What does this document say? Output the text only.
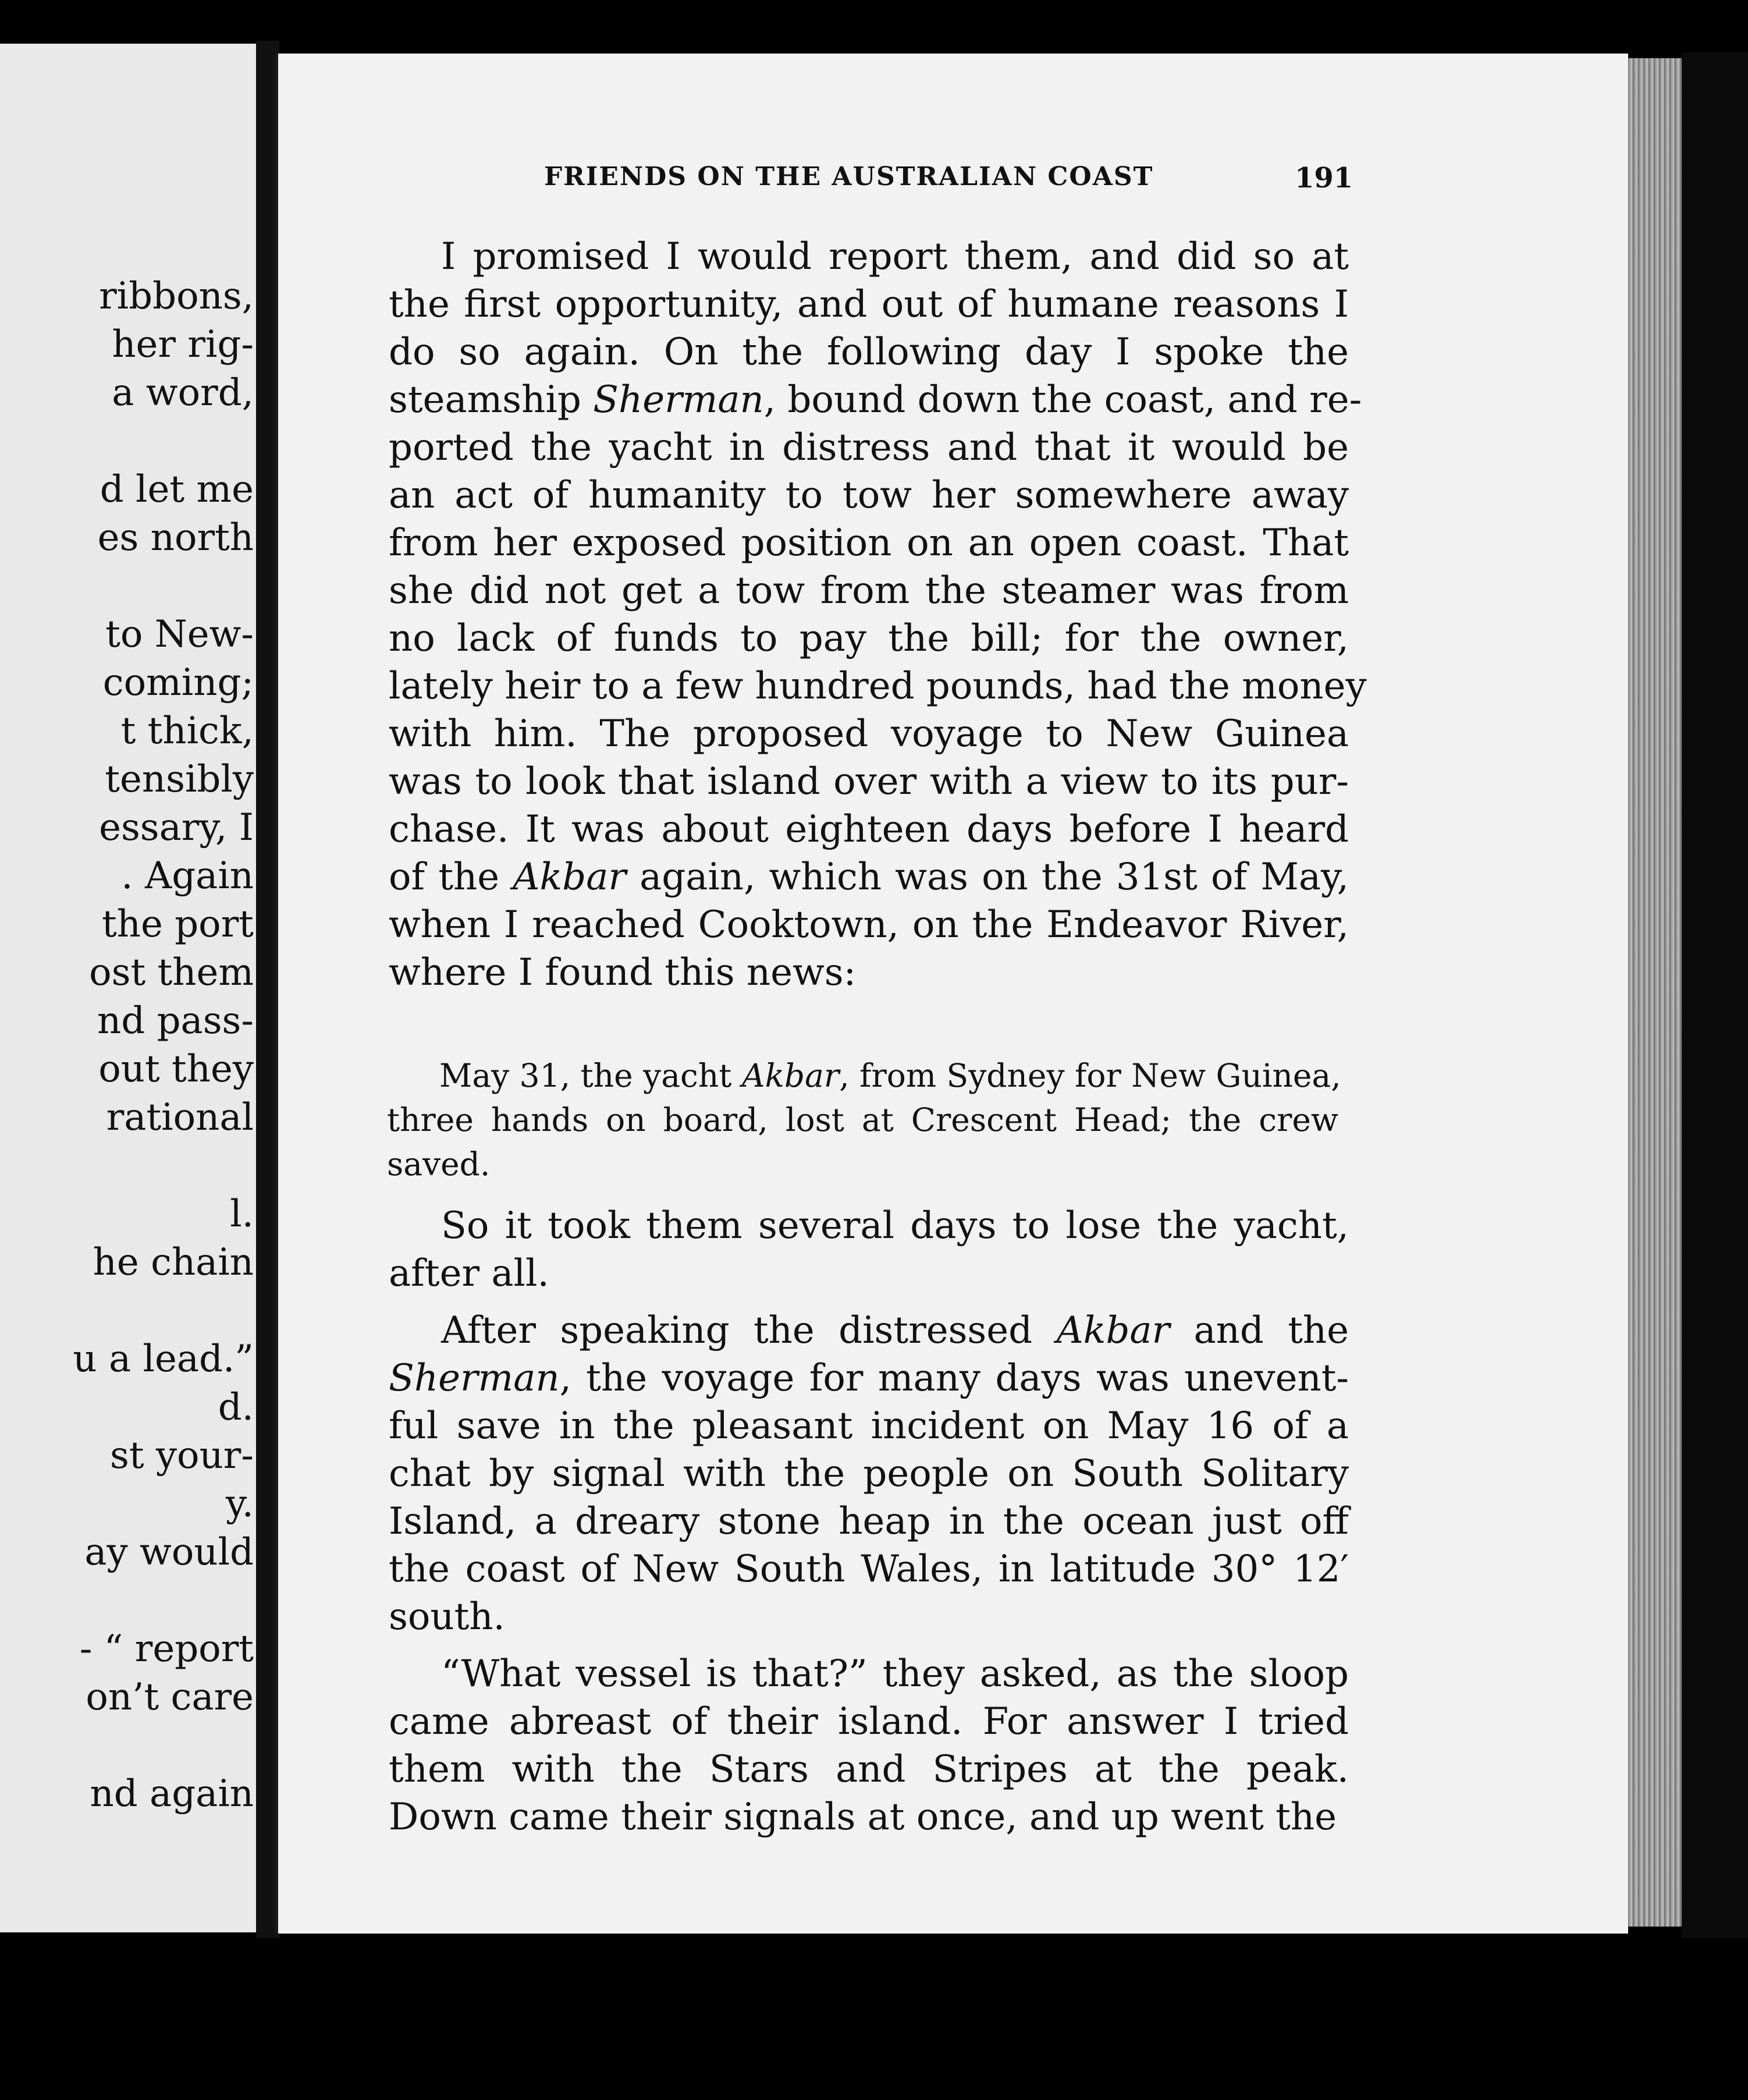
ribbons,
her rig-
a word,
d let me
es north
to New-
coming;
t thick,
tensibly
essary, I
. Again
the port
ost them
nd pass-
out they
rational
l.
he chain
u a lead.”
d.
st your-
y.
ay would
- “ report
on’t care
nd again
FRIENDS ON THE AUSTRALIAN COAST	191
I promised I would report them, and did so at
the first opportunity, and out of humane reasons I
do so again. On the following day I spoke the
steamship Sherman, bound down the coast, and re-
ported the yacht in distress and that it would be
an act of humanity to tow her somewhere away
from her exposed position on an open coast. That
she did not get a tow from the steamer was from
no lack of funds to pay the bill; for the owner,
lately heir to a few hundred pounds, had the money
with him. The proposed voyage to New Guinea
was to look that island over with a view to its pur-
chase. It was about eighteen days before I heard
of the Akbar again, which was on the 31st of May,
when I reached Cooktown, on the Endeavor River,
where I found this news:
May 31, the yacht Akbar, from Sydney for New Guinea,
three hands on board, lost at Crescent Head; the crew
saved.
So it took them several days to lose the yacht,
after all.
After speaking the distressed Akbar and the
Sherman, the voyage for many days was unevent-
ful save in the pleasant incident on May 16 of a
chat by signal with the people on South Solitary
Island, a dreary stone heap in the ocean just off
the coast of New South Wales, in latitude 30° 12′
south.
“What vessel is that?” they asked, as the sloop
came abreast of their island. For answer I tried
them with the Stars and Stripes at the peak.
Down came their signals at once, and up went the
